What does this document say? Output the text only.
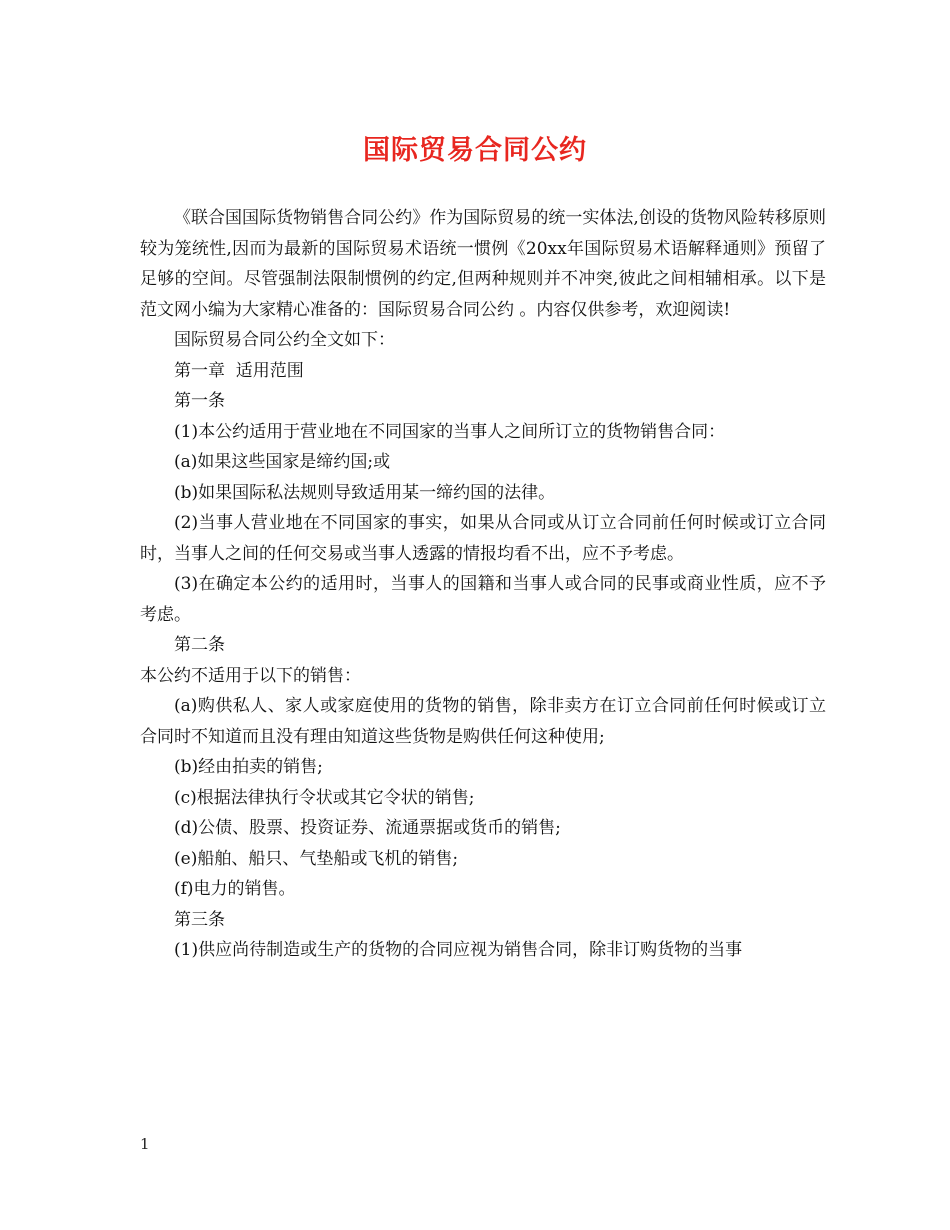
国际贸易合同公约

《联合国国际货物销售合同公约》作为国际贸易的统一实体法,创设的货物风险转移原则较为笼统性,因而为最新的国际贸易术语统一惯例《20xx年国际贸易术语解释通则》预留了足够的空间。尽管强制法限制惯例的约定,但两种规则并不冲突,彼此之间相辅相承。以下是范文网小编为大家精心准备的：国际贸易合同公约 。内容仅供参考，欢迎阅读!

国际贸易合同公约全文如下：

第一章  适用范围

第一条

(1)本公约适用于营业地在不同国家的当事人之间所订立的货物销售合同：

(a)如果这些国家是缔约国;或

(b)如果国际私法规则导致适用某一缔约国的法律。

(2)当事人营业地在不同国家的事实，如果从合同或从订立合同前任何时候或订立合同时，当事人之间的任何交易或当事人透露的情报均看不出，应不予考虑。

(3)在确定本公约的适用时，当事人的国籍和当事人或合同的民事或商业性质，应不予考虑。

第二条

本公约不适用于以下的销售：

(a)购供私人、家人或家庭使用的货物的销售，除非卖方在订立合同前任何时候或订立合同时不知道而且没有理由知道这些货物是购供任何这种使用;

(b)经由拍卖的销售;

(c)根据法律执行令状或其它令状的销售;

(d)公债、股票、投资证券、流通票据或货币的销售;

(e)船舶、船只、气垫船或飞机的销售;

(f)电力的销售。

第三条

(1)供应尚待制造或生产的货物的合同应视为销售合同，除非订购货物的当事

1
